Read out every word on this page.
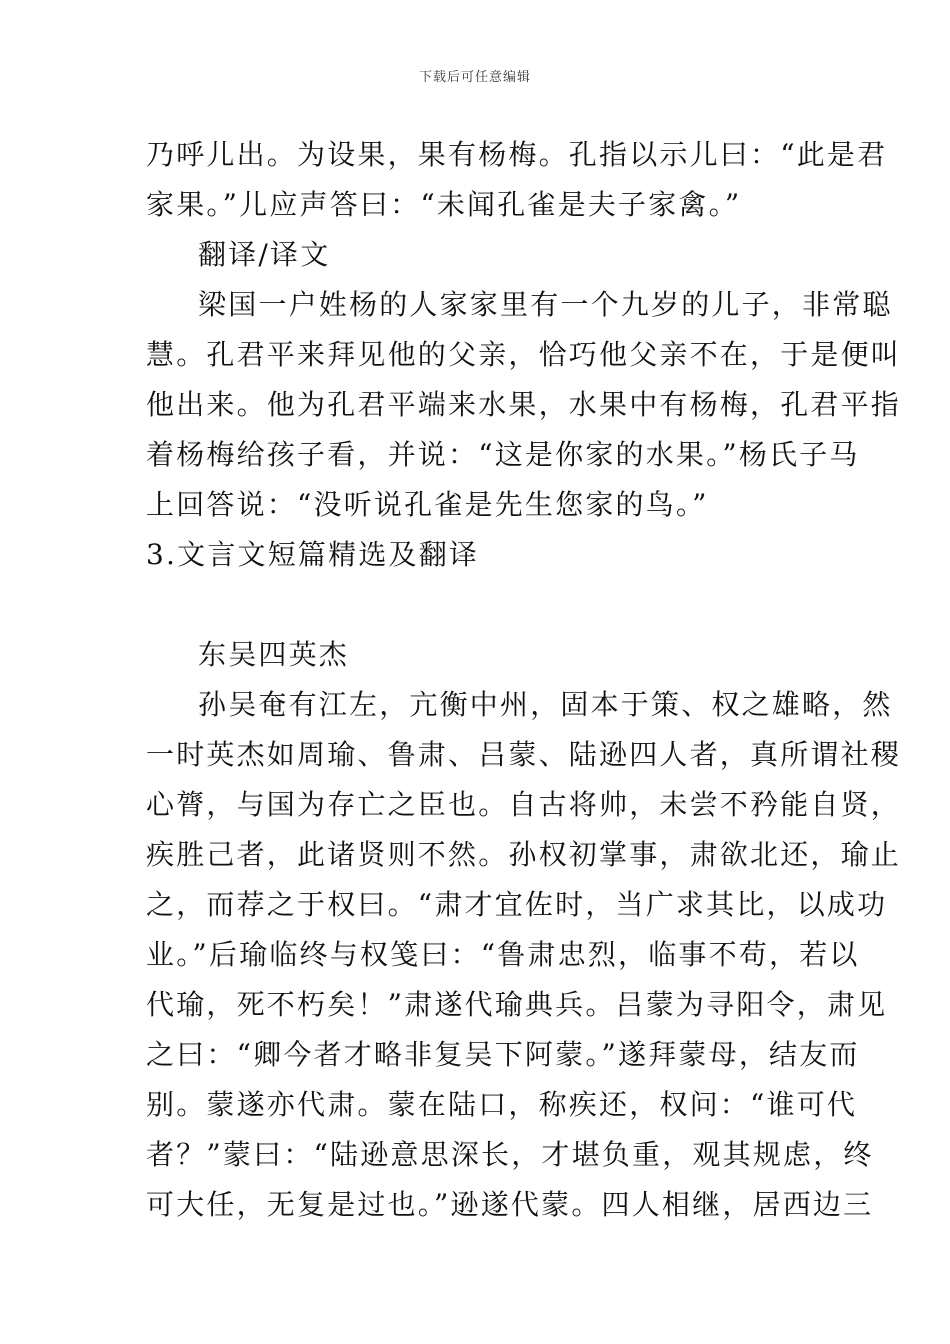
下载后可任意编辑
乃呼儿出。为设果，果有杨梅。孔指以示儿曰：“此是君
家果。”儿应声答曰：“未闻孔雀是夫子家禽。”
翻译/译文
梁国一户姓杨的人家家里有一个九岁的儿子，非常聪
慧。孔君平来拜见他的父亲，恰巧他父亲不在，于是便叫
他出来。他为孔君平端来水果，水果中有杨梅，孔君平指
着杨梅给孩子看，并说：“这是你家的水果。”杨氏子马
上回答说：“没听说孔雀是先生您家的鸟。”
3.文言文短篇精选及翻译
东吴四英杰
孙吴奄有江左，亢衡中州，固本于策、权之雄略，然
一时英杰如周瑜、鲁肃、吕蒙、陆逊四人者，真所谓社稷
心膂，与国为存亡之臣也。自古将帅，未尝不矜能自贤，
疾胜己者，此诸贤则不然。孙权初掌事，肃欲北还，瑜止
之，而荐之于权曰。“肃才宜佐时，当广求其比，以成功
业。”后瑜临终与权笺曰：“鲁肃忠烈，临事不苟，若以
代瑜，死不朽矣！”肃遂代瑜典兵。吕蒙为寻阳令，肃见
之曰：“卿今者才略非复吴下阿蒙。”遂拜蒙母，结友而
别。蒙遂亦代肃。蒙在陆口，称疾还，权问：“谁可代
者？”蒙曰：“陆逊意思深长，才堪负重，观其规虑，终
可大任，无复是过也。”逊遂代蒙。四人相继，居西边三
